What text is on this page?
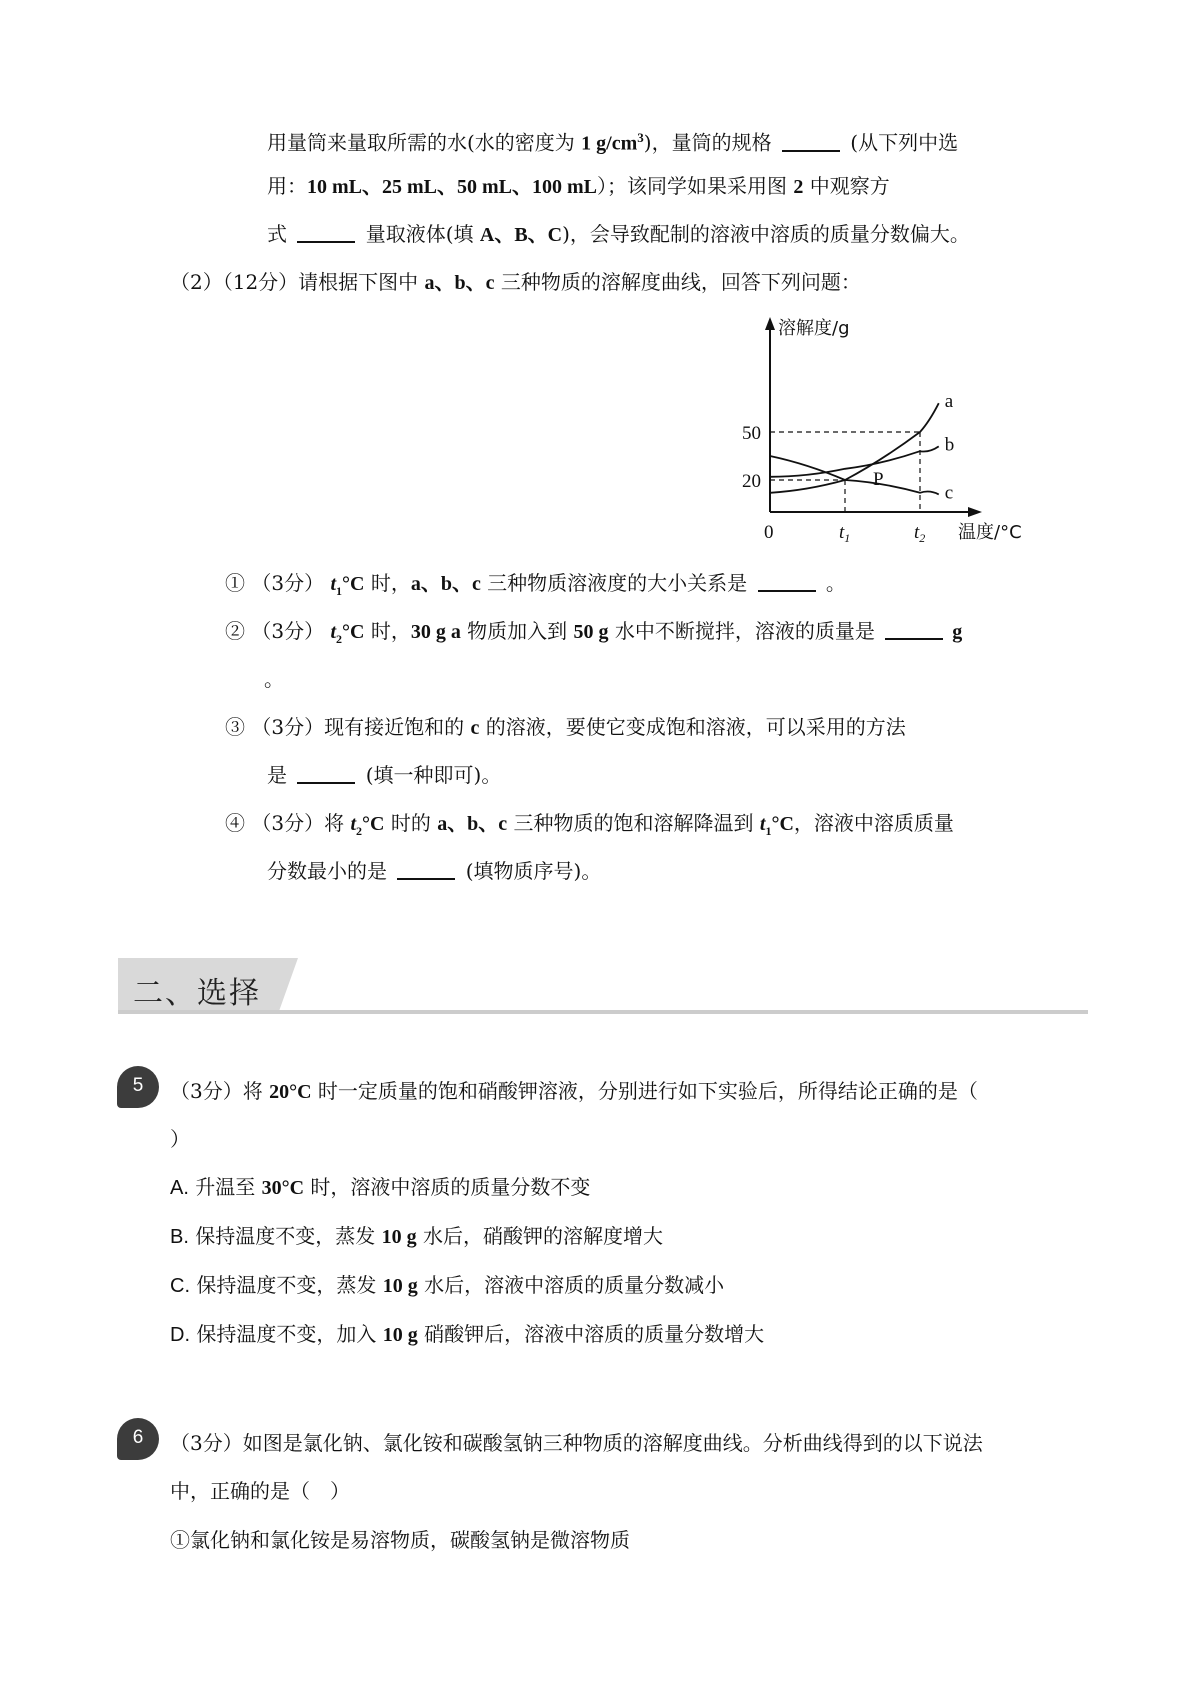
用量筒来量取所需的水(水的密度为 1 $g/cm^3$)，量筒的规格	(从下列中选
用：10 mL、25 mL、50 mL、100 mL）；该同学如果采用图 2 中观察方
式	量取液体(填 A、B、C)，会导致配制的溶液中溶质的质量分数偏大。
（2）（12分）请根据下图中 a、b、c 三种物质的溶解度曲线，回答下列问题：
a
b
c
50
20
0	$t_1$	$t_2$
P
溶解度/g
温度/°C
① （3分） $t_1^\circ C$ 时，a、b、c 三种物质溶液度的大小关系是	。
② （3分） $t_2^\circ C$ 时，30 g a 物质加入到 50 g 水中不断搅拌，溶液的质量是	g
。
③ （3分）现有接近饱和的 c 的溶液，要使它变成饱和溶液，可以采用的方法
是	(填一种即可)。
④ （3分）将 $t_2^\circ C$ 时的 a、b、c 三种物质的饱和溶解降温到 $t_1^\circ C$，溶液中溶质质量
分数最小的是	(填物质序号)。
二、选择
5	（3分）将 20°C 时一定质量的饱和硝酸钾溶液，分别进行如下实验后，所得结论正确的是（
）
A. 升温至 30°C 时，溶液中溶质的质量分数不变
B. 保持温度不变，蒸发 10 g 水后，硝酸钾的溶解度增大
C. 保持温度不变，蒸发 10 g 水后，溶液中溶质的质量分数减小
D. 保持温度不变，加入 10 g 硝酸钾后，溶液中溶质的质量分数增大
6	（3分）如图是氯化钠、氯化铵和碳酸氢钠三种物质的溶解度曲线。分析曲线得到的以下说法
中，正确的是（　）
①氯化钠和氯化铵是易溶物质，碳酸氢钠是微溶物质
